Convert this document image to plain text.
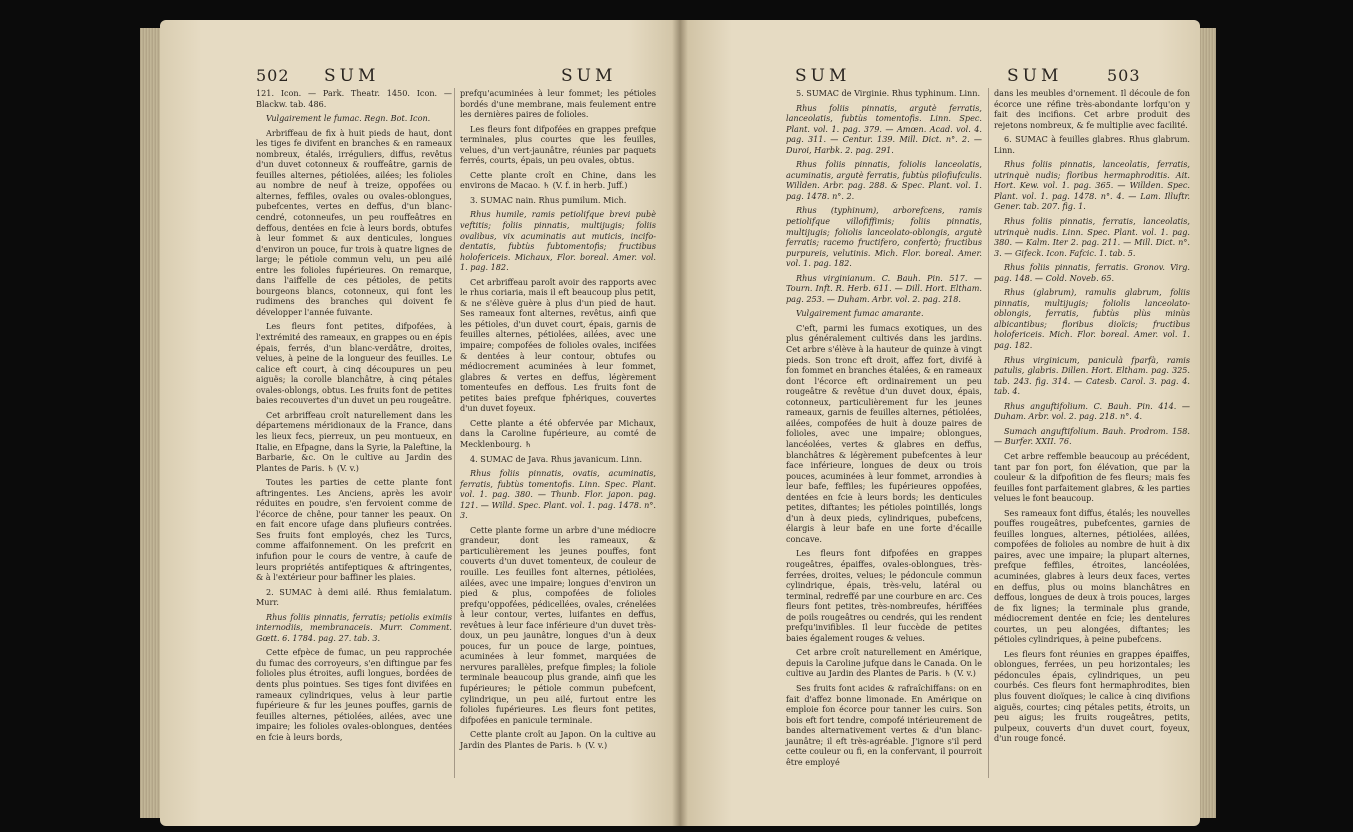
502 SUM	SUM

121. Icon. — Park. Theatr. 1450. Icon. — Blackw. tab. 486.

Vulgairement le fumac. Regn. Bot. Icon.

Arbriffeau de fix à huit pieds de haut, dont les tiges fe divifent en branches & en rameaux nombreux, étalés, irréguliers, diffus, revêtus d'un duvet cotonneux & rouffeâtre, garnis de feuilles alternes, pétiolées, ailées; les folioles au nombre de neuf à treize, oppofées ou alternes, feffiles, ovales ou ovales-oblongues, pubefcentes, vertes en deffus, d'un blanc-cendré, cotonneufes, un peu rouffeâtres en deffous, dentées en fcie à leurs bords, obtufes à leur fommet & aux denticules, longues d'environ un pouce, fur trois à quatre lignes de large; le pétiole commun velu, un peu ailé entre les folioles fupérieures. On remarque, dans l'aiffelle de ces pétioles, de petits bourgeons blancs, cotonneux, qui font les rudimens des branches qui doivent fe développer l'année fuivante.

Les fleurs font petites, difpofées, à l'extrémité des rameaux, en grappes ou en épis épais, ferrés, d'un blanc-verdâtre, droites, velues, à peine de la longueur des feuilles. Le calice eft court, à cinq découpures un peu aiguës; la corolle blanchâtre, à cinq pétales ovales-oblongs, obtus. Les fruits font de petites baies recouvertes d'un duvet un peu rougeâtre.

Cet arbriffeau croît naturellement dans les départemens méridionaux de la France, dans les lieux fecs, pierreux, un peu montueux, en Italie, en Efpagne, dans la Syrie, la Paleftine, la Barbarie, &c. On le cultive au Jardin des Plantes de Paris. ♄ (V. v.)

Toutes les parties de cette plante font aftringentes. Les Anciens, après les avoir réduites en poudre, s'en fervoient comme de l'écorce de chêne, pour tanner les peaux. On en fait encore ufage dans plufieurs contrées. Ses fruits font employés, chez les Turcs, comme affaifonnement. On les prefcrit en infufion pour le cours de ventre, à caufe de leurs propriétés antifeptiques & aftringentes, & à l'extérieur pour baffiner les plaies.

2. SUMAC à demi ailé. Rhus femialatum. Murr.

Rhus foliis pinnatis, ferratis; petiolis eximiis internodiis, membranaceis. Murr. Comment. Gœtt. 6. 1784. pag. 27. tab. 3.

Cette efpèce de fumac, un peu rapprochée du fumac des corroyeurs, s'en diftingue par fes folioles plus étroites, aufli longues, bordées de dents plus pointues. Ses tiges font divifées en rameaux cylindriques, velus à leur partie fupérieure & fur les jeunes pouffes, garnis de feuilles alternes, pétiolées, ailées, avec une impaire; les folioles ovales-oblongues, dentées en fcie à leurs bords,

prefqu'acuminées à leur fommet; les pétioles bordés d'une membrane, mais feulement entre les dernières paires de folioles.

Les fleurs font difpofées en grappes prefque terminales, plus courtes que les feuilles, velues, d'un vert-jaunâtre, réunies par paquets ferrés, courts, épais, un peu ovales, obtus.

Cette plante croît en Chine, dans les environs de Macao. ♄ (V. f. in herb. Juff.)

3. SUMAC nain. Rhus pumilum. Mich.

Rhus humile, ramis petiolifque brevi pubè veftitis; foliis pinnatis, multijugis; foliis ovalibus, vix acuminatis aut muticis, incifo-dentatis, fubtùs fubtomentofis; fructibus holofericeis. Michaux, Flor. boreal. Amer. vol. 1. pag. 182.

Cet arbriffeau paroît avoir des rapports avec le rhus coriaria, mais il eft beaucoup plus petit, & ne s'élève guère à plus d'un pied de haut. Ses rameaux font alternes, revêtus, ainfi que les pétioles, d'un duvet court, épais, garnis de feuilles alternes, pétiolées, ailées, avec une impaire; compofées de folioles ovales, incifées & dentées à leur contour, obtufes ou médiocrement acuminées à leur fommet, glabres & vertes en deffus, légèrement tomenteufes en deffous. Les fruits font de petites baies prefque fphériques, couvertes d'un duvet foyeux.

Cette plante a été obfervée par Michaux, dans la Caroline fupérieure, au comté de Mecklenbourg. ♄

4. SUMAC de Java. Rhus javanicum. Linn.

Rhus foliis pinnatis, ovatis, acuminatis, ferratis, fubtùs tomentofis. Linn. Spec. Plant. vol. 1. pag. 380. — Thunb. Flor. japon. pag. 121. — Willd. Spec. Plant. vol. 1. pag. 1478. n°. 3.

Cette plante forme un arbre d'une médiocre grandeur, dont les rameaux, & particulièrement les jeunes pouffes, font couverts d'un duvet tomenteux, de couleur de rouille. Les feuilles font alternes, pétiolées, ailées, avec une impaire; longues d'environ un pied & plus, compofées de folioles prefqu'oppofées, pédicellées, ovales, crénelées à leur contour, vertes, luifantes en deffus, revêtues à leur face inférieure d'un duvet très-doux, un peu jaunâtre, longues d'un à deux pouces, fur un pouce de large, pointues, acuminées à leur fommet, marquées de nervures parallèles, prefque fimples; la foliole terminale beaucoup plus grande, ainfi que les fupérieures; le pétiole commun pubefcent, cylindrique, un peu ailé, furtout entre les folioles fupérieures. Les fleurs font petites, difpofées en panicule terminale.

Cette plante croît au Japon. On la cultive au Jardin des Plantes de Paris. ♄ (V. v.)

SUM	SUM	503

5. SUMAC de Virginie. Rhus typhinum. Linn.

Rhus foliis pinnatis, argutè ferratis, lanceolatis, fubtùs tomentofis. Linn. Spec. Plant. vol. 1. pag. 379. — Amœn. Acad. vol. 4. pag. 311. — Centur. 139. Mill. Dict. n°. 2. — Duroi, Harbk. 2. pag. 291.

Rhus foliis pinnatis, foliolis lanceolatis, acuminatis, argutè ferratis, fubtùs pilofiufculis. Willden. Arbr. pag. 288. & Spec. Plant. vol. 1. pag. 1478. n°. 2.

Rhus (typhinum), arborefcens, ramis petiolifque villofiffimis; foliis pinnatis, multijugis; foliolis lanceolato-oblongis, argutè ferratis; racemo fructifero, confertò; fructibus purpureis, velutinis. Mich. Flor. boreal. Amer. vol. 1. pag. 182.

Rhus virginianum. C. Bauh. Pin. 517. — Tourn. Inft. R. Herb. 611. — Dill. Hort. Eltham. pag. 253. — Duham. Arbr. vol. 2. pag. 218.

Vulgairement fumac amarante.

C'eft, parmi les fumacs exotiques, un des plus généralement cultivés dans les jardins. Cet arbre s'élève à la hauteur de quinze à vingt pieds. Son tronc eft droit, affez fort, divifé à fon fommet en branches étalées, & en rameaux dont l'écorce eft ordinairement un peu rougeâtre & revêtue d'un duvet doux, épais, cotonneux, particulièrement fur les jeunes rameaux, garnis de feuilles alternes, pétiolées, ailées, compofées de huit à douze paires de folioles, avec une impaire; oblongues, lancéolées, vertes & glabres en deffus, blanchâtres & légèrement pubefcentes à leur face inférieure, longues de deux ou trois pouces, acuminées à leur fommet, arrondies à leur bafe, feffiles; les fupérieures oppofées, dentées en fcie à leurs bords; les denticules petites, diftantes; les pétioles pointillés, longs d'un à deux pieds, cylindriques, pubefcens, élargis à leur bafe en une forte d'écaille concave.

Les fleurs font difpofées en grappes rougeâtres, épaiffes, ovales-oblongues, très-ferrées, droites, velues; le pédoncule commun cylindrique, épais, très-velu, latéral ou terminal, redreffé par une courbure en arc. Ces fleurs font petites, très-nombreufes, hériffées de poils rougeâtres ou cendrés, qui les rendent prefqu'invifibles. Il leur fuccède de petites baies également rouges & velues.

Cet arbre croît naturellement en Amérique, depuis la Caroline jufque dans le Canada. On le cultive au Jardin des Plantes de Paris. ♄ (V. v.)

Ses fruits font acides & rafraîchiffans: on en fait d'affez bonne limonade. En Amérique on emploie fon écorce pour tanner les cuirs. Son bois eft fort tendre, compofé intérieurement de bandes alternativement vertes & d'un blanc-jaunâtre; il eft très-agréable. J'ignore s'il perd cette couleur ou fi, en la confervant, il pourroit être employé

dans les meubles d'ornement. Il découle de fon écorce une réfine très-abondante lorfqu'on y fait des incifions. Cet arbre produit des rejetons nombreux, & fe multiplie avec facilité.

6. SUMAC à feuilles glabres. Rhus glabrum. Linn.

Rhus foliis pinnatis, lanceolatis, ferratis, utrinquè nudis; floribus hermaphroditis. Ait. Hort. Kew. vol. 1. pag. 365. — Willden. Spec. Plant. vol. 1. pag. 1478. n°. 4. — Lam. Illuftr. Gener. tab. 207. fig. 1.

Rhus foliis pinnatis, ferratis, lanceolatis, utrinquè nudis. Linn. Spec. Plant. vol. 1. pag. 380. — Kalm. Iter 2. pag. 211. — Mill. Dict. n°. 3. — Gifeck. Icon. Fafcic. 1. tab. 5.

Rhus foliis pinnatis, ferratis. Gronov. Virg. pag. 148. — Cold. Noveb. 65.

Rhus (glabrum), ramulis glabrum, foliis pinnatis, multijugis; foliolis lanceolato-oblongis, ferratis, fubtùs plùs minùs albicantibus; floribus dioïcis; fructibus holofericeis. Mich. Flor. boreal. Amer. vol. 1. pag. 182.

Rhus virginicum, paniculà fparfà, ramis patulis, glabris. Dillen. Hort. Eltham. pag. 325. tab. 243. fig. 314. — Catesb. Carol. 3. pag. 4. tab. 4.

Rhus anguftifolium. C. Bauh. Pin. 414. — Duham. Arbr. vol. 2. pag. 218. n°. 4.

Sumach anguftifolium. Bauh. Prodrom. 158. — Burfer. XXII. 76.

Cet arbre reffemble beaucoup au précédent, tant par fon port, fon élévation, que par la couleur & la difpofition de fes fleurs; mais fes feuilles font parfaitement glabres, & les parties velues le font beaucoup.

Ses rameaux font diffus, étalés; les nouvelles pouffes rougeâtres, pubefcentes, garnies de feuilles longues, alternes, pétiolées, ailées, compofées de folioles au nombre de huit à dix paires, avec une impaire; la plupart alternes, prefque feffiles, étroites, lancéolées, acuminées, glabres à leurs deux faces, vertes en deffus, plus ou moins blanchâtres en deffous, longues de deux à trois pouces, larges de fix lignes; la terminale plus grande, médiocrement dentée en fcie; les dentelures courtes, un peu alongées, diftantes; les pétioles cylindriques, à peine pubefcens.

Les fleurs font réunies en grappes épaiffes, oblongues, ferrées, un peu horizontales; les pédoncules épais, cylindriques, un peu courbés. Ces fleurs font hermaphrodites, bien plus fouvent dioïques; le calice à cinq divifions aiguës, courtes; cinq pétales petits, étroits, un peu aigus; les fruits rougeâtres, petits, pulpeux, couverts d'un duvet court, foyeux, d'un rouge foncé.
